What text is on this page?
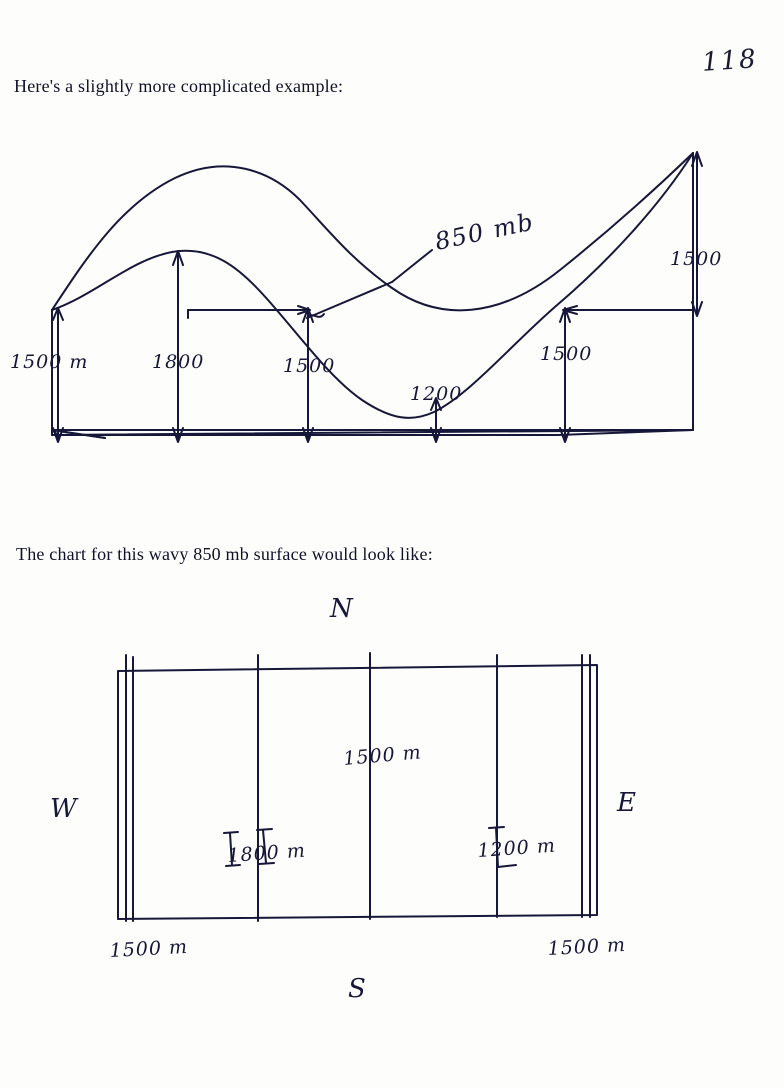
118
Here's a slightly more complicated example:
850 mb
1500 m	1800	1500
1200
1500
1500
The chart for this wavy 850 mb surface would look like:
N
S
W	E
1500 m
1800 m	1200 m
1500 m	1500 m
